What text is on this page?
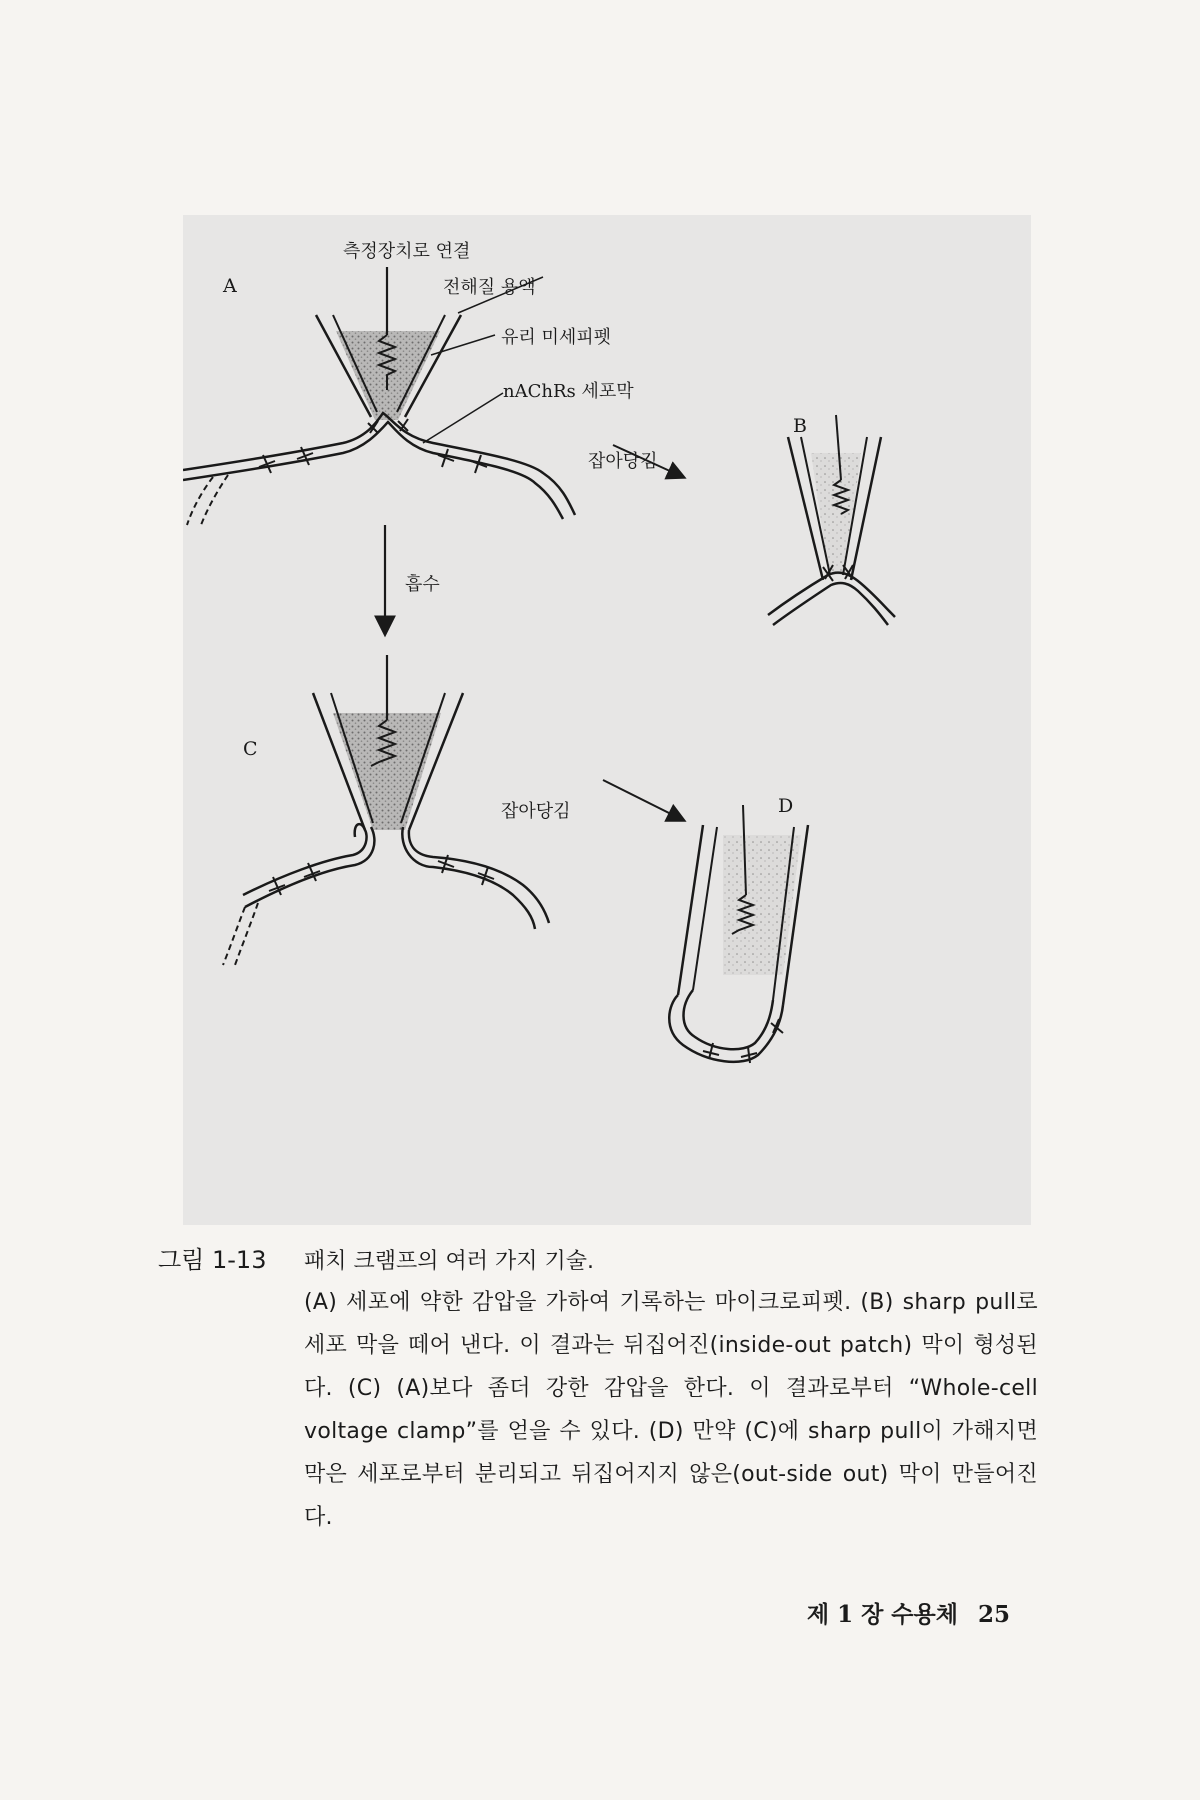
측정장치로 연결
전해질 용액
유리 미세피펫
nAChRs 세포막
잡아당김
흡수
잡아당김
A
B
C
D
그림 1-13	패치 크램프의 여러 가지 기술.
(A) 세포에 약한 감압을 가하여 기록하는 마이크로피펫. (B) sharp pull로 세포 막을 떼어 낸다. 이 결과는 뒤집어진(inside-out patch) 막이 형성된다. (C) (A)보다 좀더 강한 감압을 한다. 이 결과로부터 “Whole-cell voltage clamp”를 얻을 수 있다. (D) 만약 (C)에 sharp pull이 가해지면 막은 세포로부터 분리되고 뒤집어지지 않은(out-side out) 막이 만들어진다.
제 1 장 수용체 25
